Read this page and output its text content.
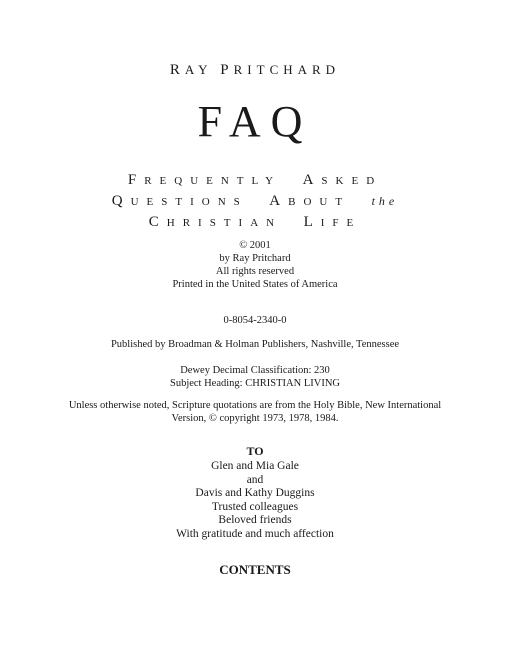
RAY PRITCHARD
FAQ
FREQUENTLY ASKED
QUESTIONS ABOUT the
CHRISTIAN LIFE
© 2001
by Ray Pritchard
All rights reserved
Printed in the United States of America
0-8054-2340-0
Published by Broadman & Holman Publishers, Nashville, Tennessee
Dewey Decimal Classification: 230
Subject Heading: CHRISTIAN LIVING
Unless otherwise noted, Scripture quotations are from the Holy Bible, New International
Version, © copyright 1973, 1978, 1984.
TO
Glen and Mia Gale
and
Davis and Kathy Duggins
Trusted colleagues
Beloved friends
With gratitude and much affection
CONTENTS
